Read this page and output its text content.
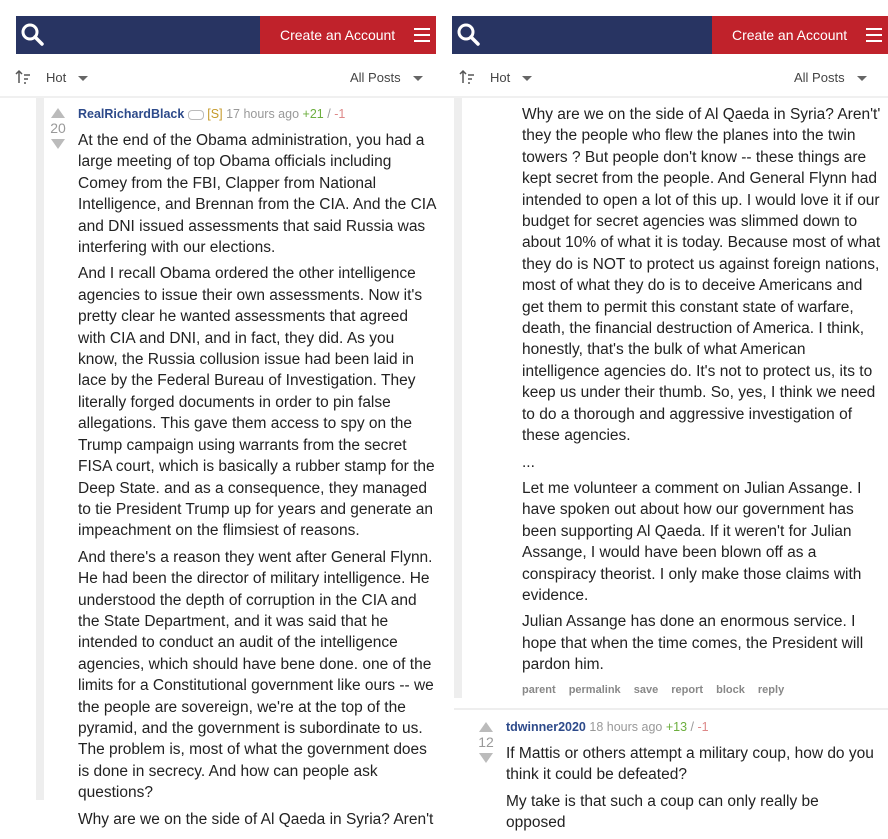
Create an Account
Hot	All Posts
20
RealRichardBlack [S] 17 hours ago +21 / -1

At the end of the Obama administration, you had a large meeting of top Obama officials including Comey from the FBI, Clapper from National Intelligence, and Brennan from the CIA. And the CIA and DNI issued assessments that said Russia was interfering with our elections.

And I recall Obama ordered the other intelligence agencies to issue their own assessments. Now it's pretty clear he wanted assessments that agreed with CIA and DNI, and in fact, they did. As you know, the Russia collusion issue had been laid in lace by the Federal Bureau of Investigation. They literally forged documents in order to pin false allegations. This gave them access to spy on the Trump campaign using warrants from the secret FISA court, which is basically a rubber stamp for the Deep State. and as a consequence, they managed to tie President Trump up for years and generate an impeachment on the flimsiest of reasons.

And there's a reason they went after General Flynn. He had been the director of military intelligence. He understood the depth of corruption in the CIA and the State Department, and it was said that he intended to conduct an audit of the intelligence agencies, which should have bene done. one of the limits for a Constitutional government like ours -- we the people are sovereign, we're at the top of the pyramid, and the government is subordinate to us. The problem is, most of what the government does is done in secrecy. And how can people ask questions?

Why are we on the side of Al Qaeda in Syria? Aren't

Create an Account
Hot	All Posts

Why are we on the side of Al Qaeda in Syria? Aren't' they the people who flew the planes into the twin towers ? But people don't know -- these things are kept secret from the people. And General Flynn had intended to open a lot of this up. I would love it if our budget for secret agencies was slimmed down to about 10% of what it is today. Because most of what they do is NOT to protect us against foreign nations, most of what they do is to deceive Americans and get them to permit this constant state of warfare, death, the financial destruction of America. I think, honestly, that's the bulk of what American intelligence agencies do. It's not to protect us, its to keep us under their thumb. So, yes, I think we need to do a thorough and aggressive investigation of these agencies.

...

Let me volunteer a comment on Julian Assange. I have spoken out about how our government has been supporting Al Qaeda. If it weren't for Julian Assange, I would have been blown off as a conspiracy theorist. I only make those claims with evidence.

Julian Assange has done an enormous service. I hope that when the time comes, the President will pardon him.

parent permalink save report block reply
12
tdwinner2020 18 hours ago +13 / -1

If Mattis or others attempt a military coup, how do you think it could be defeated?

My take is that such a coup can only really be opposed
